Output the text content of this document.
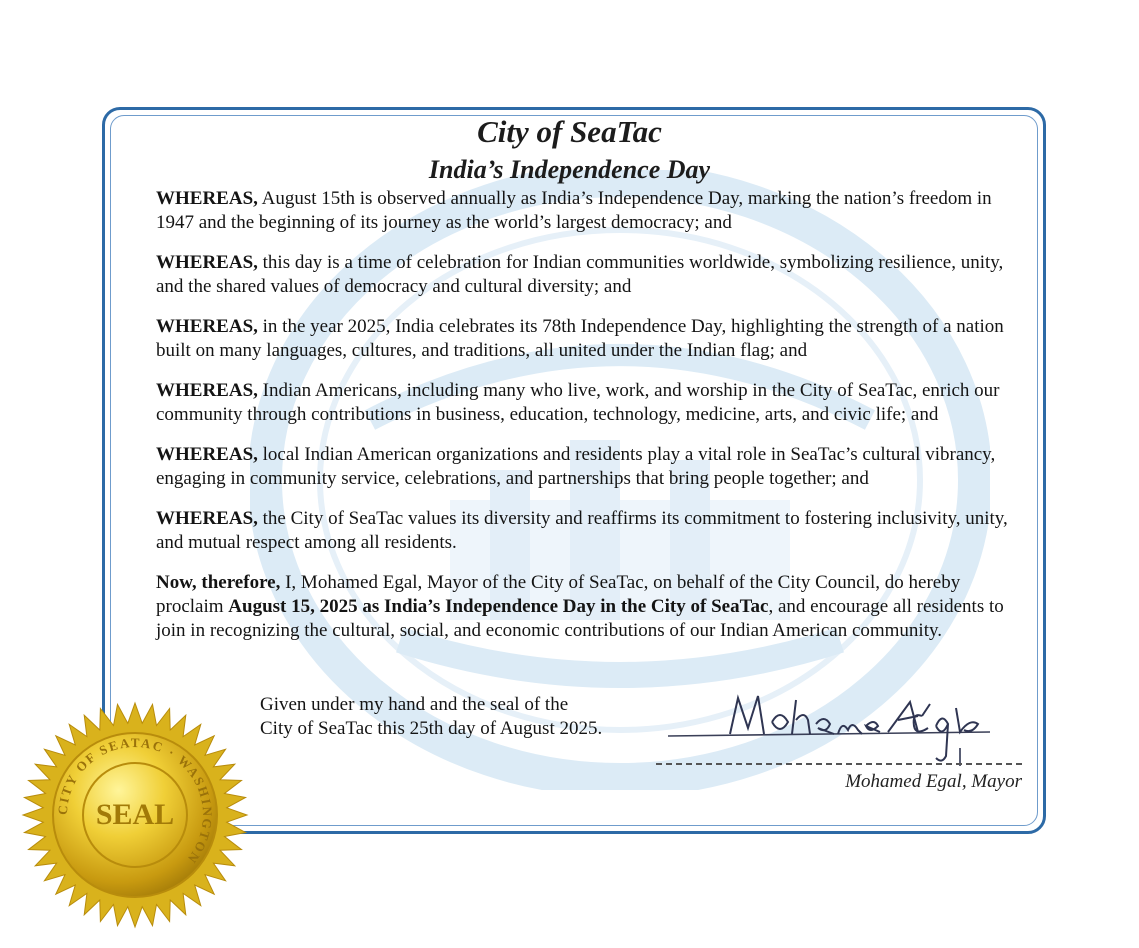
City of SeaTac
India’s Independence Day

WHEREAS, August 15th is observed annually as India’s Independence Day, marking the nation’s freedom in 1947 and the beginning of its journey as the world’s largest democracy; and

WHEREAS, this day is a time of celebration for Indian communities worldwide, symbolizing resilience, unity, and the shared values of democracy and cultural diversity; and

WHEREAS, in the year 2025, India celebrates its 78th Independence Day, highlighting the strength of a nation built on many languages, cultures, and traditions, all united under the Indian flag; and

WHEREAS, Indian Americans, including many who live, work, and worship in the City of SeaTac, enrich our community through contributions in business, education, technology, medicine, arts, and civic life; and

WHEREAS, local Indian American organizations and residents play a vital role in SeaTac’s cultural vibrancy, engaging in community service, celebrations, and partnerships that bring people together; and

WHEREAS, the City of SeaTac values its diversity and reaffirms its commitment to fostering inclusivity, unity, and mutual respect among all residents.

Now, therefore, I, Mohamed Egal, Mayor of the City of SeaTac, on behalf of the City Council, do hereby proclaim August 15, 2025 as India’s Independence Day in the City of SeaTac, and encourage all residents to join in recognizing the cultural, social, and economic contributions of our Indian American community.

Given under my hand and the seal of the
City of SeaTac this 25th day of August 2025.
Mohamed Egal, Mayor
CITY OF SEATAC · WASHINGTON
SEAL
